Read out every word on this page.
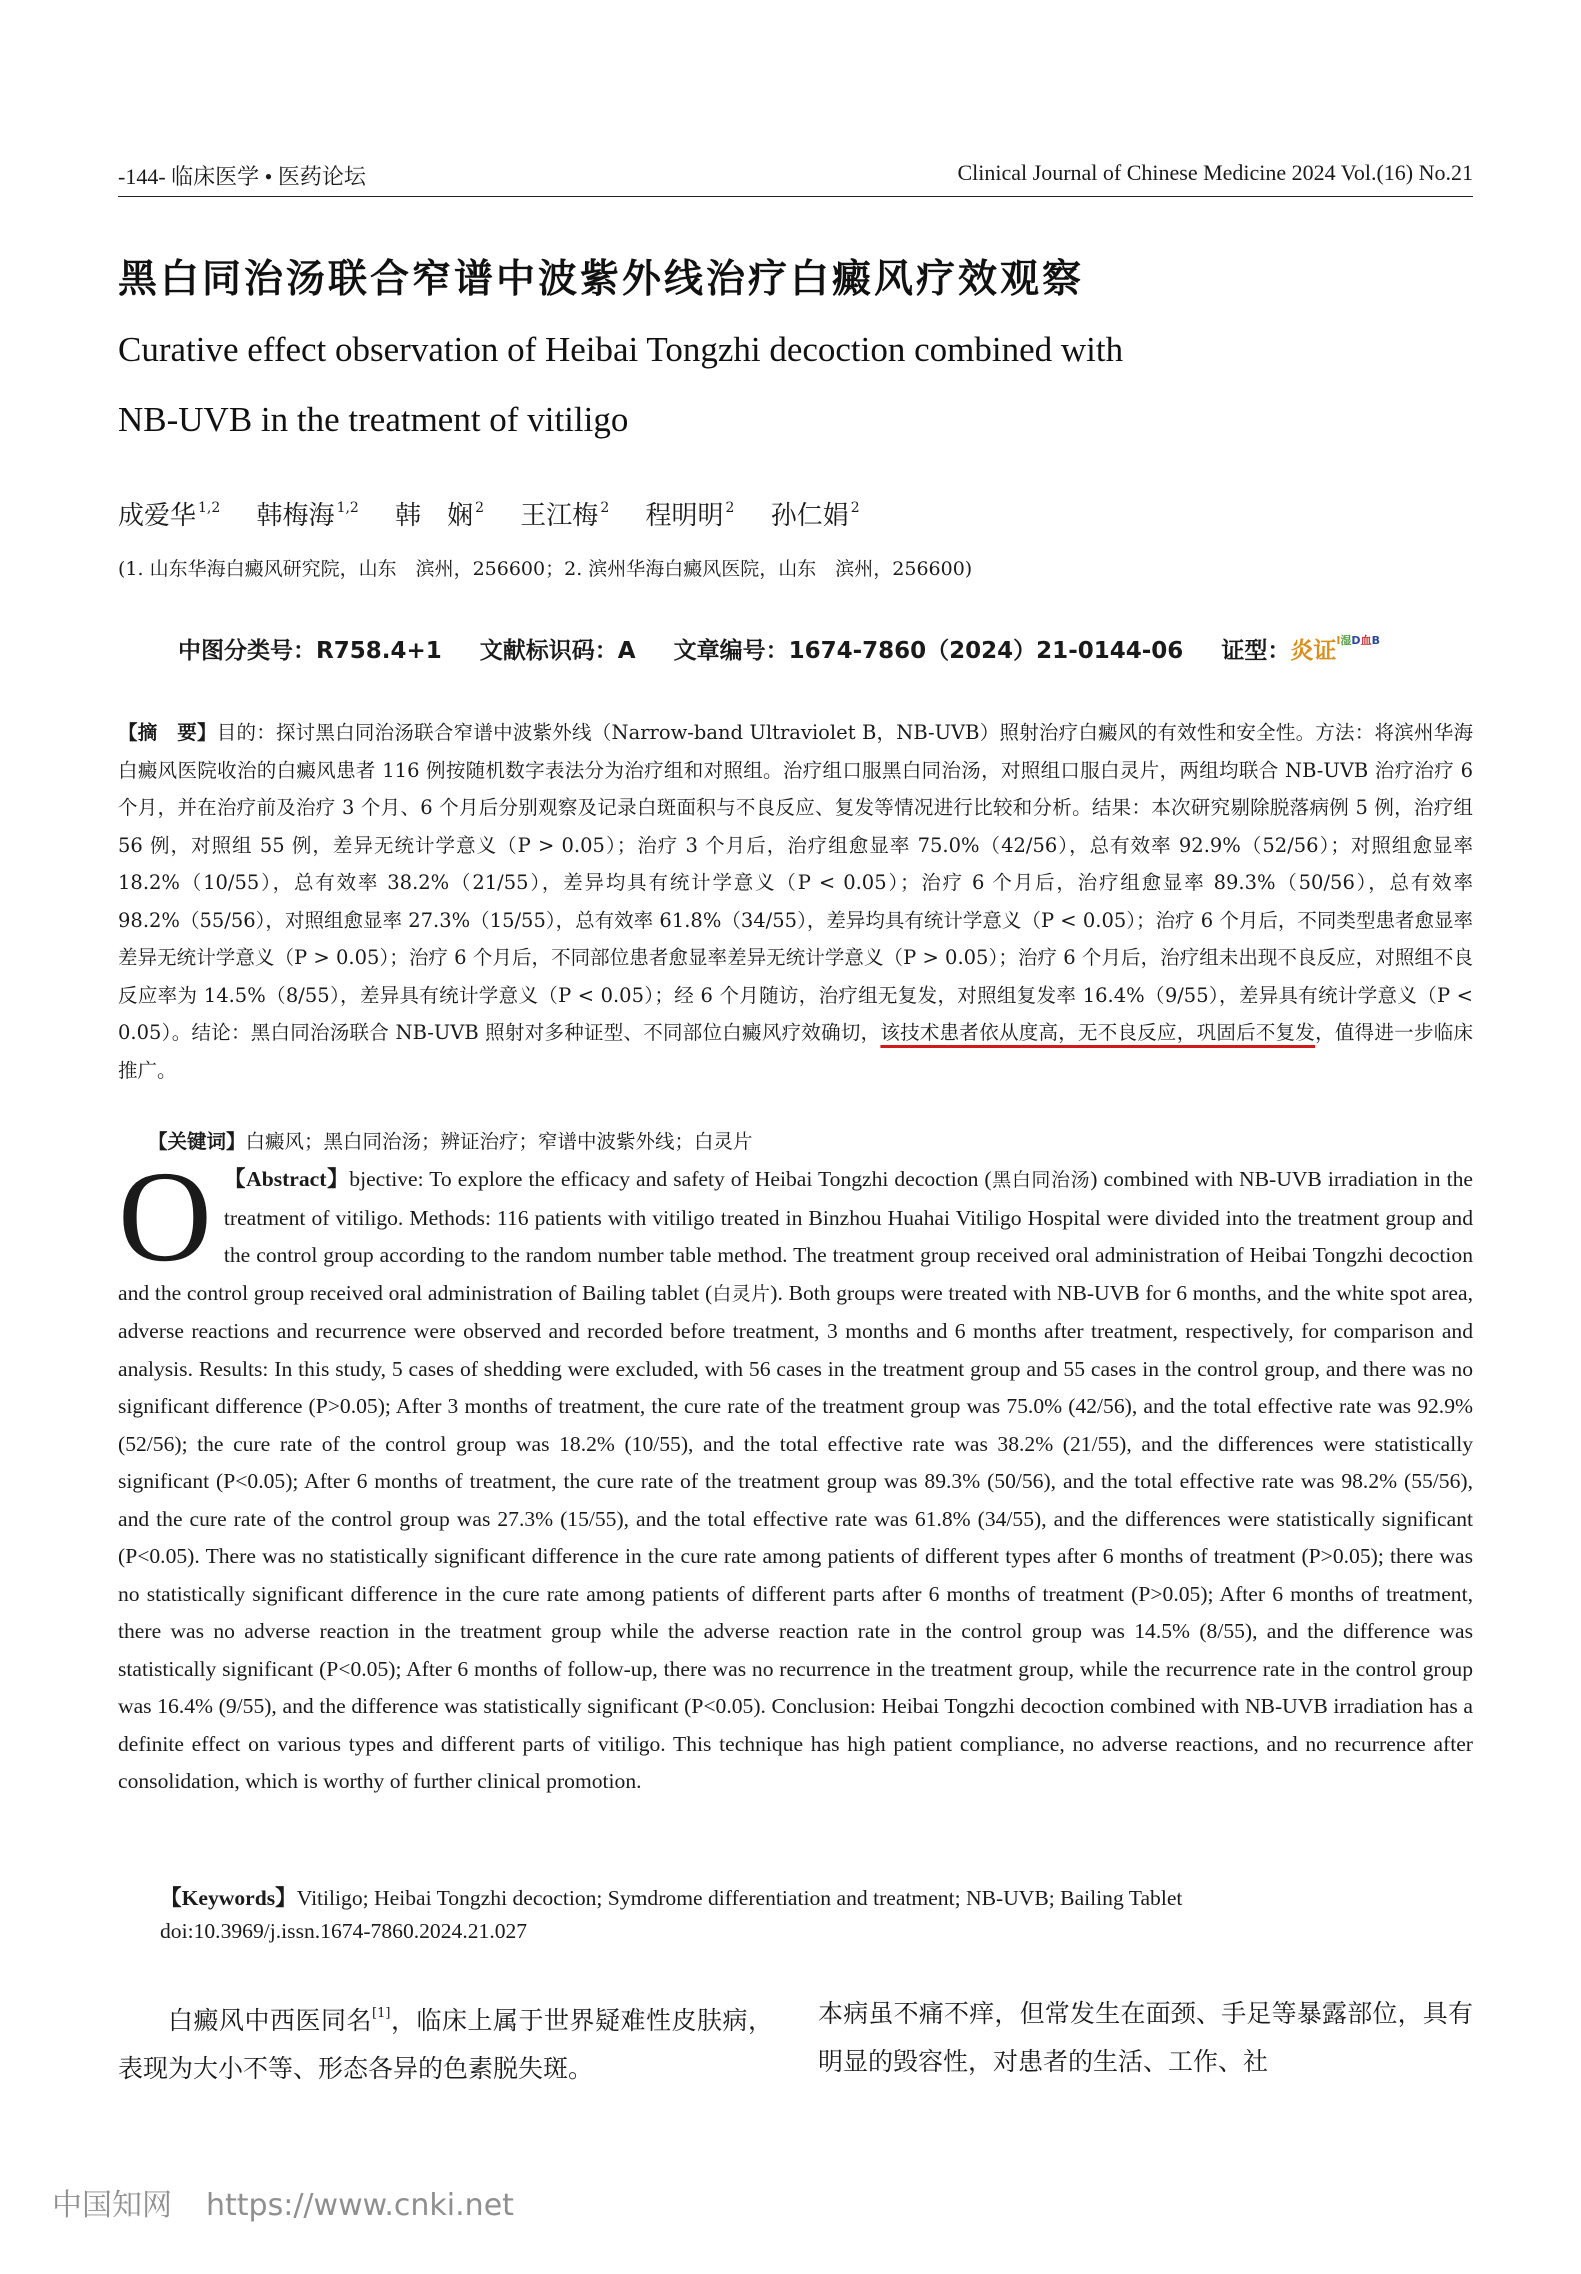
-144- 临床医学 • 医药论坛	Clinical Journal of Chinese Medicine 2024 Vol.(16) No.21
黑白同治汤联合窄谱中波紫外线治疗白癜风疗效观察
Curative effect observation of Heibai Tongzhi decoction combined with
NB-UVB in the treatment of vitiligo
成爱华 $^{1,2}$ 韩梅海 $^{1,2}$ 韩　娴 $^2$ 王江梅 $^2$ 程明明 $^2$ 孙仁娟 $^2$
(1. 山东华海白癜风研究院，山东　滨州，256600；2. 滨州华海白癜风医院，山东　滨州，256600)
中图分类号：R758.4+1 文献标识码：A 文章编号：1674-7860（2024）21-0144-06 证型：炎证$^{I湿D血B}$
【摘　要】目的：探讨黑白同治汤联合窄谱中波紫外线（Narrow-band Ultraviolet B，NB-UVB）照射治疗白癜风的有效性和安全性。方法：将滨州华海白癜风医院收治的白癜风患者 116 例按随机数字表法分为治疗组和对照组。治疗组口服黑白同治汤，对照组口服白灵片，两组均联合 NB-UVB 治疗治疗 6 个月，并在治疗前及治疗 3 个月、6 个月后分别观察及记录白斑面积与不良反应、复发等情况进行比较和分析。结果：本次研究剔除脱落病例 5 例，治疗组 56 例，对照组 55 例，差异无统计学意义（P > 0.05）；治疗 3 个月后，治疗组愈显率 75.0%（42/56），总有效率 92.9%（52/56）；对照组愈显率 18.2%（10/55），总有效率 38.2%（21/55），差异均具有统计学意义（P < 0.05）；治疗 6 个月后，治疗组愈显率 89.3%（50/56），总有效率 98.2%（55/56），对照组愈显率 27.3%（15/55），总有效率 61.8%（34/55），差异均具有统计学意义（P < 0.05）；治疗 6 个月后，不同类型患者愈显率差异无统计学意义（P > 0.05）；治疗 6 个月后，不同部位患者愈显率差异无统计学意义（P > 0.05）；治疗 6 个月后，治疗组未出现不良反应，对照组不良反应率为 14.5%（8/55），差异具有统计学意义（P < 0.05）；经 6 个月随访，治疗组无复发，对照组复发率 16.4%（9/55），差异具有统计学意义（P < 0.05）。结论：黑白同治汤联合 NB-UVB 照射对多种证型、不同部位白癜风疗效确切，该技术患者依从度高，无不良反应，巩固后不复发，值得进一步临床推广。
【关键词】白癜风；黑白同治汤；辨证治疗；窄谱中波紫外线；白灵片
O 【Abstract】bjective: To explore the efficacy and safety of Heibai Tongzhi decoction (黑白同治汤) combined with NB-UVB irradiation in the treatment of vitiligo. Methods: 116 patients with vitiligo treated in Binzhou Huahai Vitiligo Hospital were divided into the treatment group and the control group according to the random number table method. The treatment group received oral administration of Heibai Tongzhi decoction and the control group received oral administration of Bailing tablet (白灵片). Both groups were treated with NB-UVB for 6 months, and the white spot area, adverse reactions and recurrence were observed and recorded before treatment, 3 months and 6 months after treatment, respectively, for comparison and analysis. Results: In this study, 5 cases of shedding were excluded, with 56 cases in the treatment group and 55 cases in the control group, and there was no significant difference (P>0.05); After 3 months of treatment, the cure rate of the treatment group was 75.0% (42/56), and the total effective rate was 92.9% (52/56); the cure rate of the control group was 18.2% (10/55), and the total effective rate was 38.2% (21/55), and the differences were statistically significant (P<0.05); After 6 months of treatment, the cure rate of the treatment group was 89.3% (50/56), and the total effective rate was 98.2% (55/56), and the cure rate of the control group was 27.3% (15/55), and the total effective rate was 61.8% (34/55), and the differences were statistically significant (P<0.05). There was no statistically significant difference in the cure rate among patients of different types after 6 months of treatment (P>0.05); there was no statistically significant difference in the cure rate among patients of different parts after 6 months of treatment (P>0.05); After 6 months of treatment, there was no adverse reaction in the treatment group while the adverse reaction rate in the control group was 14.5% (8/55), and the difference was statistically significant (P<0.05); After 6 months of follow-up, there was no recurrence in the treatment group, while the recurrence rate in the control group was 16.4% (9/55), and the difference was statistically significant (P<0.05). Conclusion: Heibai Tongzhi decoction combined with NB-UVB irradiation has a definite effect on various types and different parts of vitiligo. This technique has high patient compliance, no adverse reactions, and no recurrence after consolidation, which is worthy of further clinical promotion.
【Keywords】Vitiligo; Heibai Tongzhi decoction; Symdrome differentiation and treatment; NB-UVB; Bailing Tablet
doi:10.3969/j.issn.1674-7860.2024.21.027
白癜风中西医同名[1]，临床上属于世界疑难性皮肤病，表现为大小不等、形态各异的色素脱失斑。
本病虽不痛不痒，但常发生在面颈、手足等暴露部位，具有明显的毁容性，对患者的生活、工作、社
中国知网 https://www.cnki.net
